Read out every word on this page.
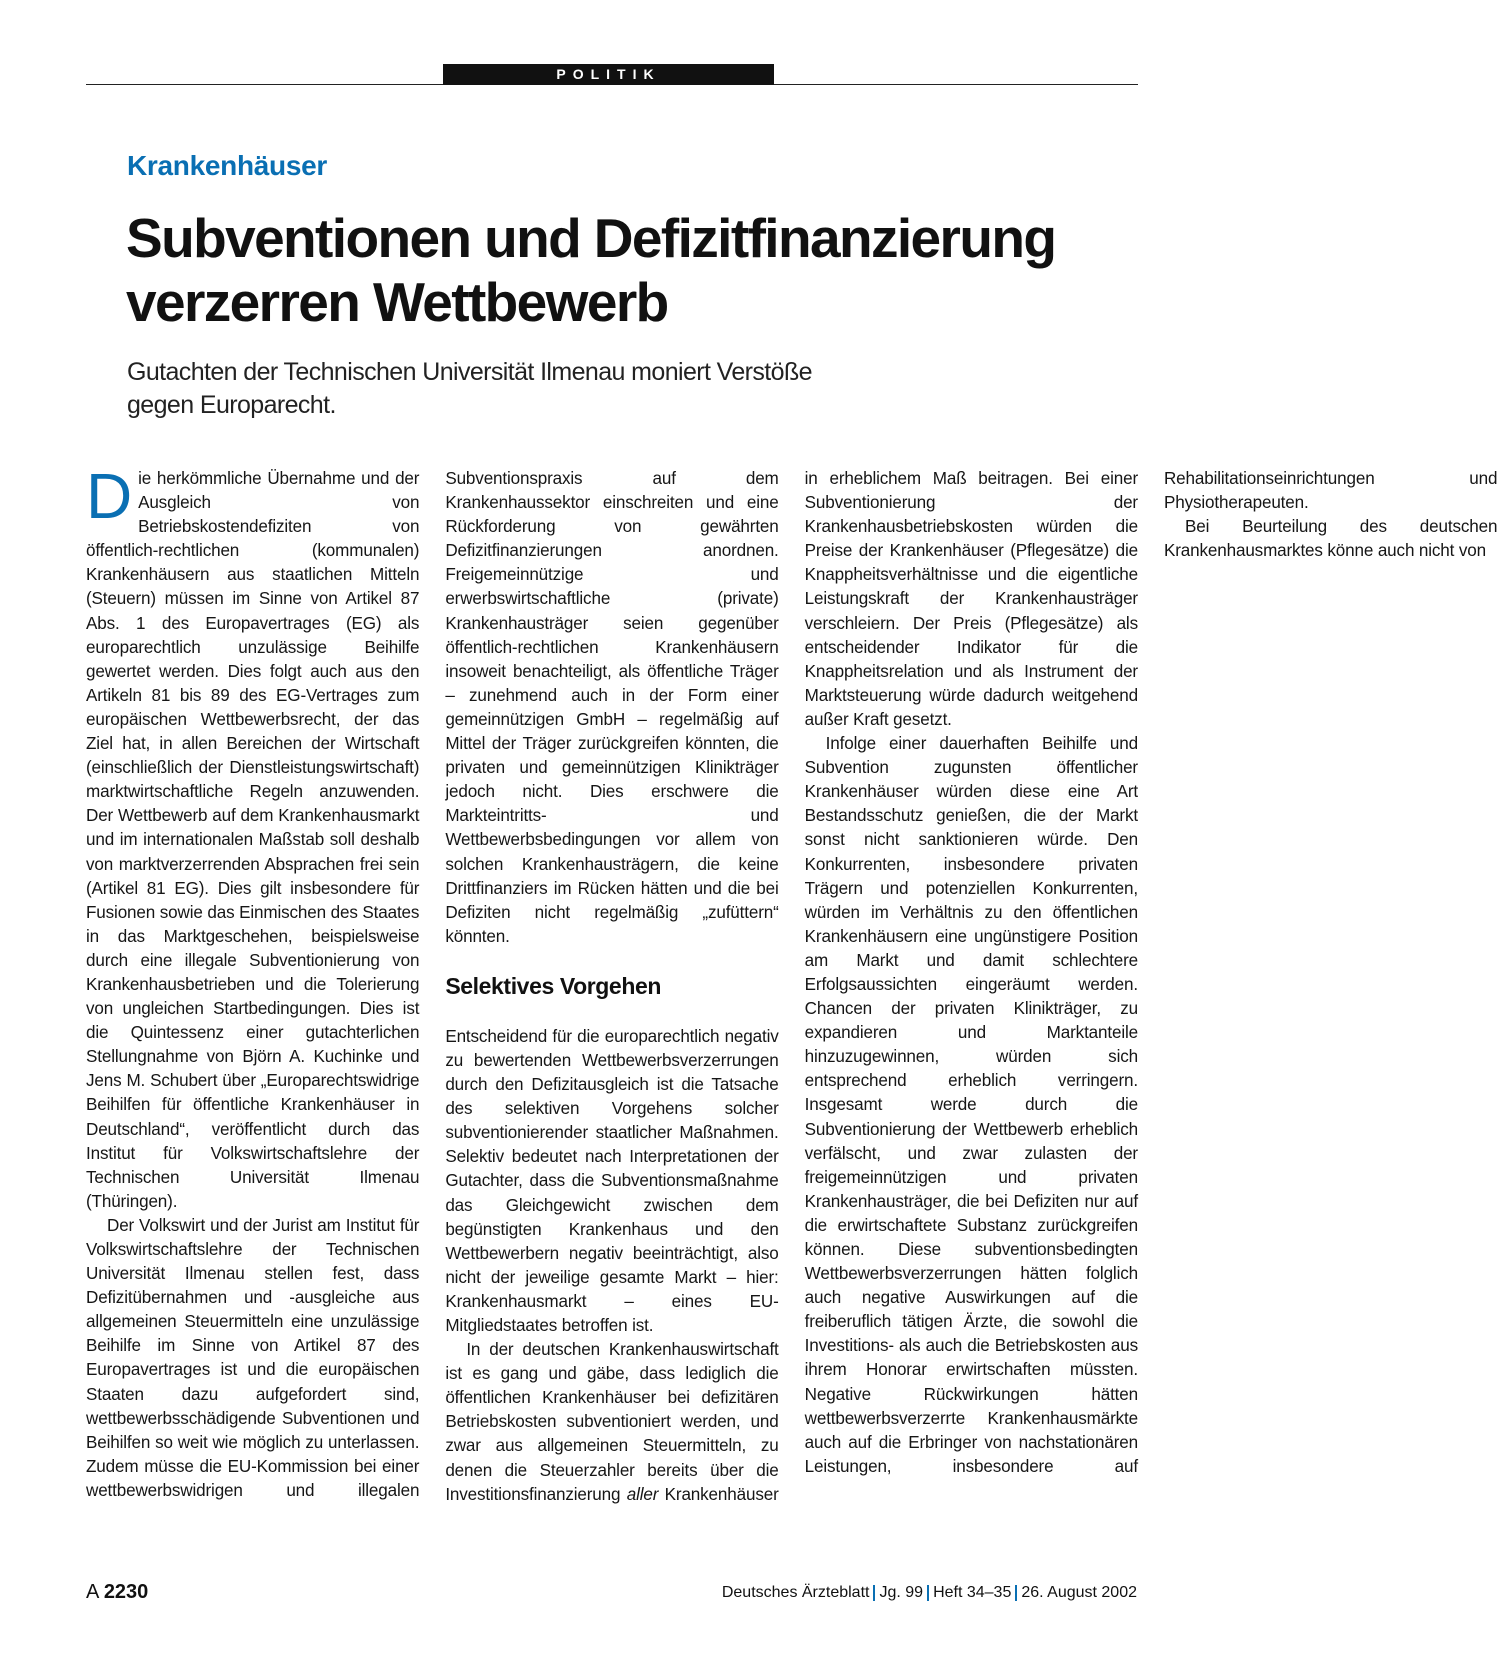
POLITIK
Krankenhäuser
Subventionen und Defizitfinanzierung verzerren Wettbewerb

Gutachten der Technischen Universität Ilmenau moniert Verstöße gegen Europarecht.

Die herkömmliche Übernahme und der Ausgleich von Betriebskostendefiziten von öffentlich-rechtlichen (kommunalen) Krankenhäusern aus staatlichen Mitteln (Steuern) müssen im Sinne von Artikel 87 Abs. 1 des Europavertrages (EG) als europarechtlich unzulässige Beihilfe gewertet werden. Dies folgt auch aus den Artikeln 81 bis 89 des EG-Vertrages zum europäischen Wettbewerbsrecht, der das Ziel hat, in allen Bereichen der Wirtschaft (einschließlich der Dienstleistungswirtschaft) marktwirtschaftliche Regeln anzuwenden. Der Wettbewerb auf dem Krankenhausmarkt und im internationalen Maßstab soll deshalb von marktverzerrenden Absprachen frei sein (Artikel 81 EG). Dies gilt insbesondere für Fusionen sowie das Einmischen des Staates in das Marktgeschehen, beispielsweise durch eine illegale Subventionierung von Krankenhausbetrieben und die Tolerierung von ungleichen Startbedingungen. Dies ist die Quintessenz einer gutachterlichen Stellungnahme von Björn A. Kuchinke und Jens M. Schubert über „Europarechtswidrige Beihilfen für öffentliche Krankenhäuser in Deutschland“, veröffentlicht durch das Institut für Volkswirtschaftslehre der Technischen Universität Ilmenau (Thüringen).

Der Volkswirt und der Jurist am Institut für Volkswirtschaftslehre der Technischen Universität Ilmenau stellen fest, dass Defizitübernahmen und -ausgleiche aus allgemeinen Steuermitteln eine unzulässige Beihilfe im Sinne von Artikel 87 des Europavertrages ist und die europäischen Staaten dazu aufgefordert sind, wettbewerbsschädigende Subventionen und Beihilfen so weit wie möglich zu unterlassen. Zudem müsse die EU-Kommission bei einer wettbewerbswidrigen und illegalen Subventionspraxis auf dem Krankenhaussektor einschreiten und eine Rückforderung von gewährten Defizitfinanzierungen anordnen. Freigemeinnützige und erwerbswirtschaftliche (private) Krankenhausträger seien gegenüber öffentlich-rechtlichen Krankenhäusern insoweit benachteiligt, als öffentliche Träger – zunehmend auch in der Form einer gemeinnützigen GmbH – regelmäßig auf Mittel der Träger zurückgreifen könnten, die privaten und gemeinnützigen Klinikträger jedoch nicht. Dies erschwere die Markteintritts- und Wettbewerbsbedingungen vor allem von solchen Krankenhausträgern, die keine Drittfinanziers im Rücken hätten und die bei Defiziten nicht regelmäßig „zufüttern“ könnten.

Selektives Vorgehen

Entscheidend für die europarechtlich negativ zu bewertenden Wettbewerbsverzerrungen durch den Defizitausgleich ist die Tatsache des selektiven Vorgehens solcher subventionierender staatlicher Maßnahmen. Selektiv bedeutet nach Interpretationen der Gutachter, dass die Subventionsmaßnahme das Gleichgewicht zwischen dem begünstigten Krankenhaus und den Wettbewerbern negativ beeinträchtigt, also nicht der jeweilige gesamte Markt – hier: Krankenhausmarkt – eines EU-Mitgliedstaates betroffen ist.

In der deutschen Krankenhauswirtschaft ist es gang und gäbe, dass lediglich die öffentlichen Krankenhäuser bei defizitären Betriebskosten subventioniert werden, und zwar aus allgemeinen Steuermitteln, zu denen die Steuerzahler bereits über die Investitionsfinanzierung aller Krankenhäuser in erheblichem Maß beitragen. Bei einer Subventionierung der Krankenhausbetriebskosten würden die Preise der Krankenhäuser (Pflegesätze) die Knappheitsverhältnisse und die eigentliche Leistungskraft der Krankenhausträger verschleiern. Der Preis (Pflegesätze) als entscheidender Indikator für die Knappheitsrelation und als Instrument der Marktsteuerung würde dadurch weitgehend außer Kraft gesetzt.

Infolge einer dauerhaften Beihilfe und Subvention zugunsten öffentlicher Krankenhäuser würden diese eine Art Bestandsschutz genießen, die der Markt sonst nicht sanktionieren würde. Den Konkurrenten, insbesondere privaten Trägern und potenziellen Konkurrenten, würden im Verhältnis zu den öffentlichen Krankenhäusern eine ungünstigere Position am Markt und damit schlechtere Erfolgsaussichten eingeräumt werden. Chancen der privaten Klinikträger, zu expandieren und Marktanteile hinzuzugewinnen, würden sich entsprechend erheblich verringern. Insgesamt werde durch die Subventionierung der Wettbewerb erheblich verfälscht, und zwar zulasten der freigemeinnützigen und privaten Krankenhausträger, die bei Defiziten nur auf die erwirtschaftete Substanz zurückgreifen können. Diese subventionsbedingten Wettbewerbsverzerrungen hätten folglich auch negative Auswirkungen auf die freiberuflich tätigen Ärzte, die sowohl die Investitions- als auch die Betriebskosten aus ihrem Honorar erwirtschaften müssten. Negative Rückwirkungen hätten wettbewerbsverzerrte Krankenhausmärkte auch auf die Erbringer von nachstationären Leistungen, insbesondere auf Rehabilitationseinrichtungen und Physiotherapeuten.

Bei Beurteilung des deutschen Krankenhausmarktes könne auch nicht von

A 2230	Deutsches Ärzteblatt Jg. 99 Heft 34–35 26. August 2002
